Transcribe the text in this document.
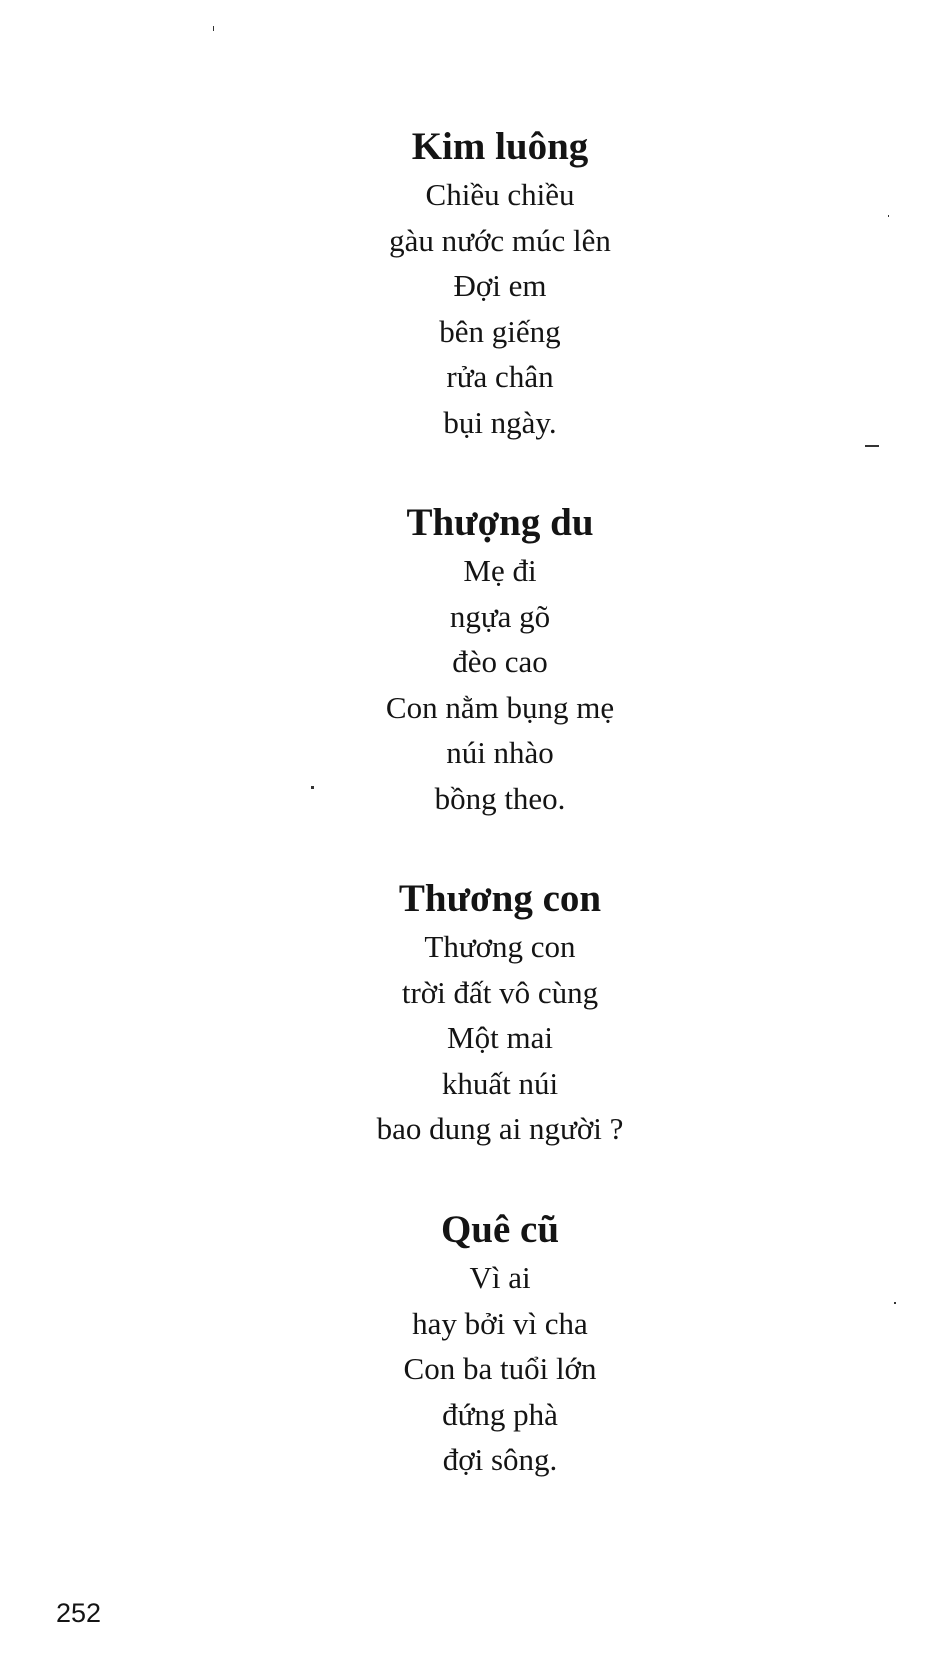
Kim luông
Chiều chiều
gàu nước múc lên
Đợi em
bên giếng
rửa chân
bụi ngày.
Thượng du
Mẹ đi
ngựa gõ
đèo cao
Con nằm bụng mẹ
núi nhào
bồng theo.
Thương con
Thương con
trời đất vô cùng
Một mai
khuất núi
bao dung ai người ?
Quê cũ
Vì ai
hay bởi vì cha
Con ba tuổi lớn
đứng phà
đợi sông.
252
